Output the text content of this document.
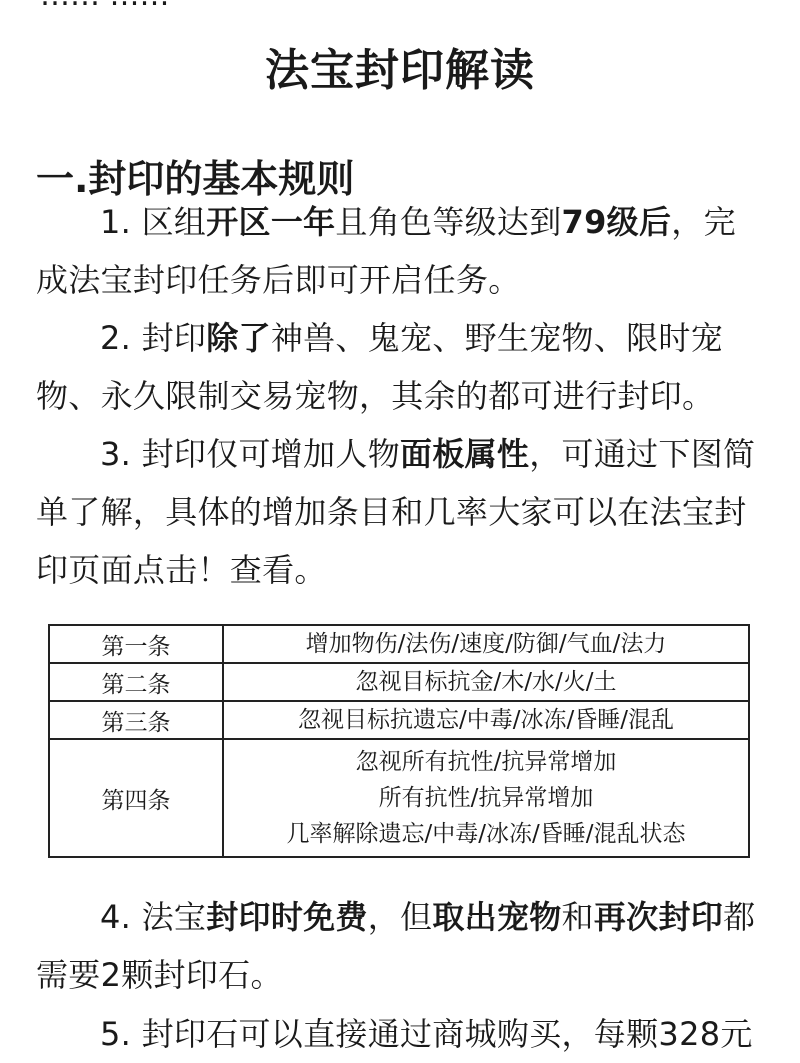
法宝封印解读
一.封印的基本规则
1. 区组开区一年且角色等级达到79级后，完成法宝封印任务后即可开启任务。
2. 封印除了神兽、鬼宠、野生宠物、限时宠物、永久限制交易宠物，其余的都可进行封印。
3. 封印仅可增加人物面板属性，可通过下图简单了解，具体的增加条目和几率大家可以在法宝封印页面点击！查看。
第一条	增加物伤/法伤/速度/防御/气血/法力

第二条	忽视目标抗金/木/水/火/土

第三条	忽视目标抗遗忘/中毒/冰冻/昏睡/混乱

第四条	忽视所有抗性/抗异常增加
所有抗性/抗异常增加
几率解除遗忘/中毒/冰冻/昏睡/混乱状态
4. 法宝封印时免费，但取出宠物和再次封印都需要2颗封印石。
5. 封印石可以直接通过商城购买，每颗328元
